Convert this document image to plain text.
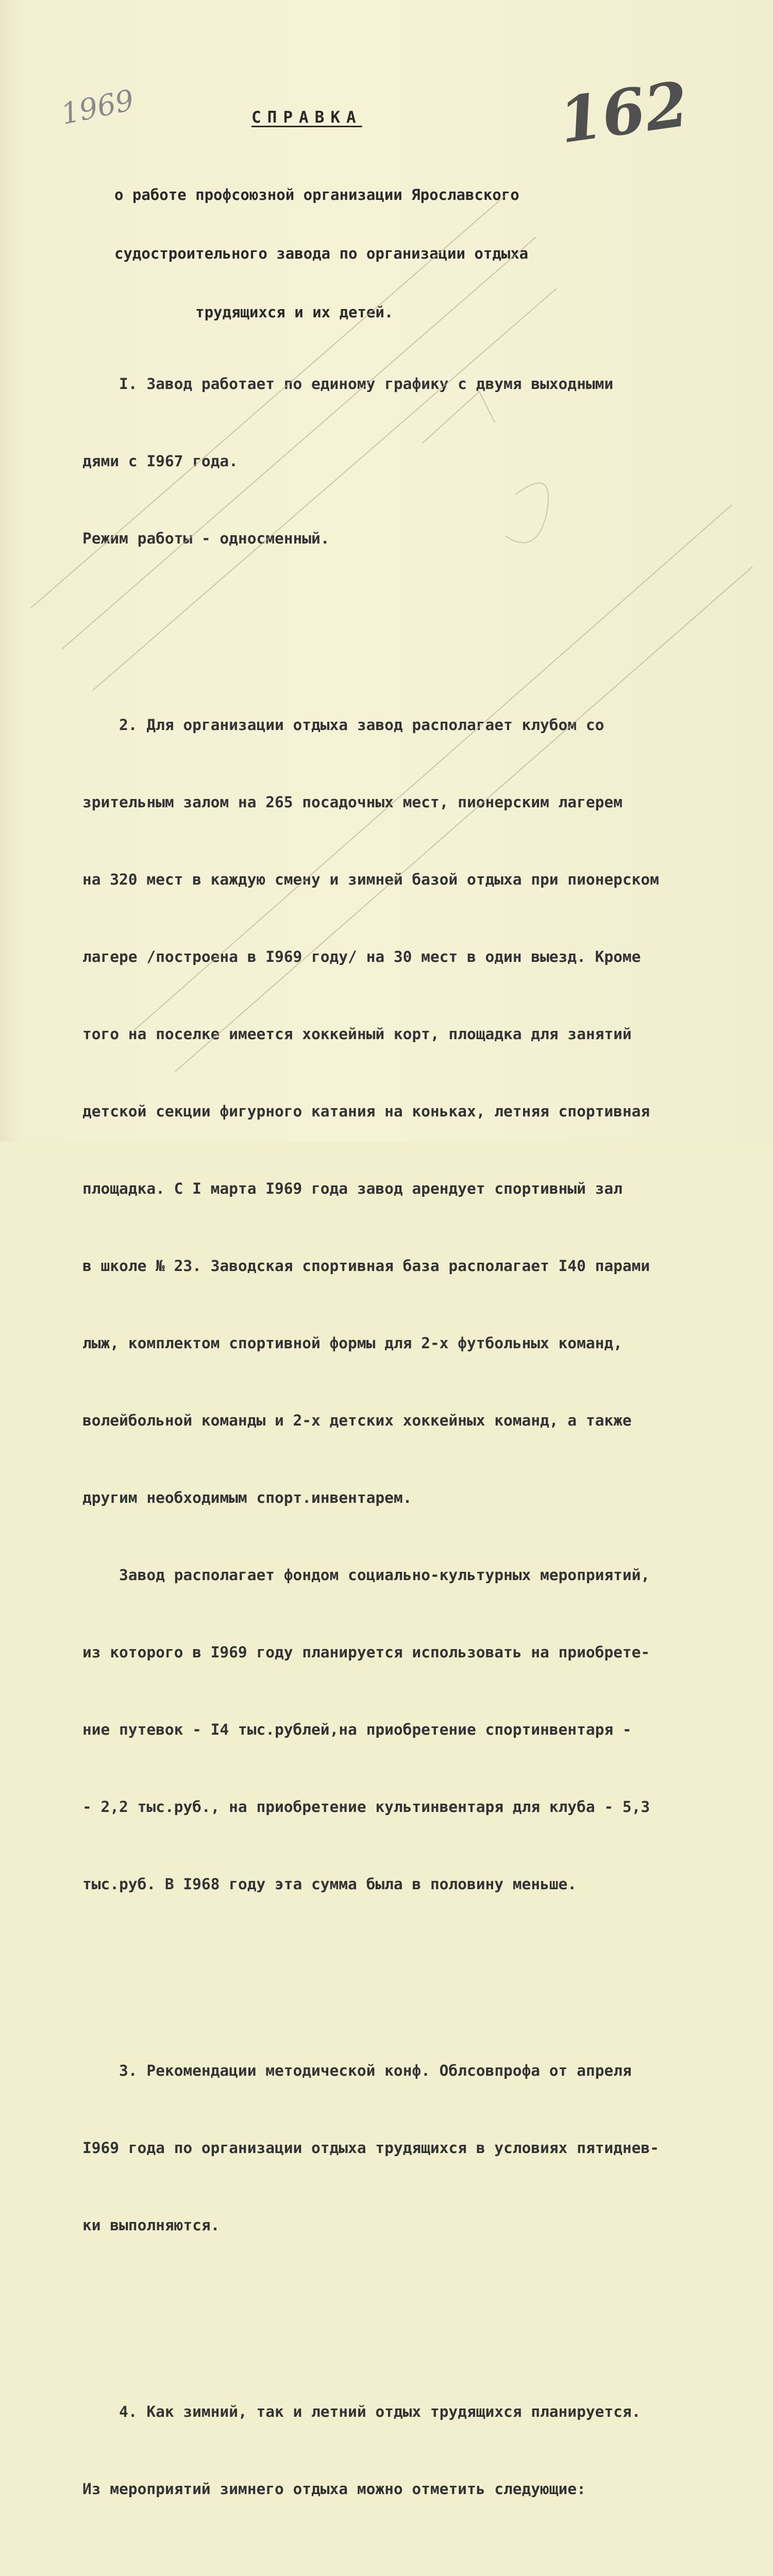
1969	162
СПРАВКА

о работе профсоюзной организации Ярославского

судостроительного завода по организации отдыха

трудящихся и их детей.

I. Завод работает по единому графику с двумя выходными

дями с I967 года.

Режим работы - односменный.

2. Для организации отдыха завод располагает клубом со

зрительным залом на 265 посадочных мест, пионерским лагерем

на 320 мест в каждую смену и зимней базой отдыха при пионерском

лагере /построена в I969 году/ на 30 мест в один выезд. Кроме

того на поселке имеется хоккейный корт, площадка для занятий

детской секции фигурного катания на коньках, летняя спортивная

площадка. С I марта I969 года завод арендует спортивный зал

в школе № 23. Заводская спортивная база располагает I40 парами

лыж, комплектом спортивной формы для 2-х футбольных команд,

волейбольной команды и 2-х детских хоккейных команд, а также

другим необходимым спорт.инвентарем.

Завод располагает фондом социально-культурных мероприятий,

из которого в I969 году планируется использовать на приобрете-

ние путевок - I4 тыс.рублей,на приобретение спортинвентаря -

- 2,2 тыс.руб., на приобретение культинвентаря для клуба - 5,3

тыс.руб. В I968 году эта сумма была в половину меньше.

3. Рекомендации методической конф. Облсовпрофа от апреля

I969 года по организации отдыха трудящихся в условиях пятиднев-

ки выполняются.

4. Как зимний, так и летний отдых трудящихся планируется.

Из мероприятий зимнего отдыха можно отметить следующие:
